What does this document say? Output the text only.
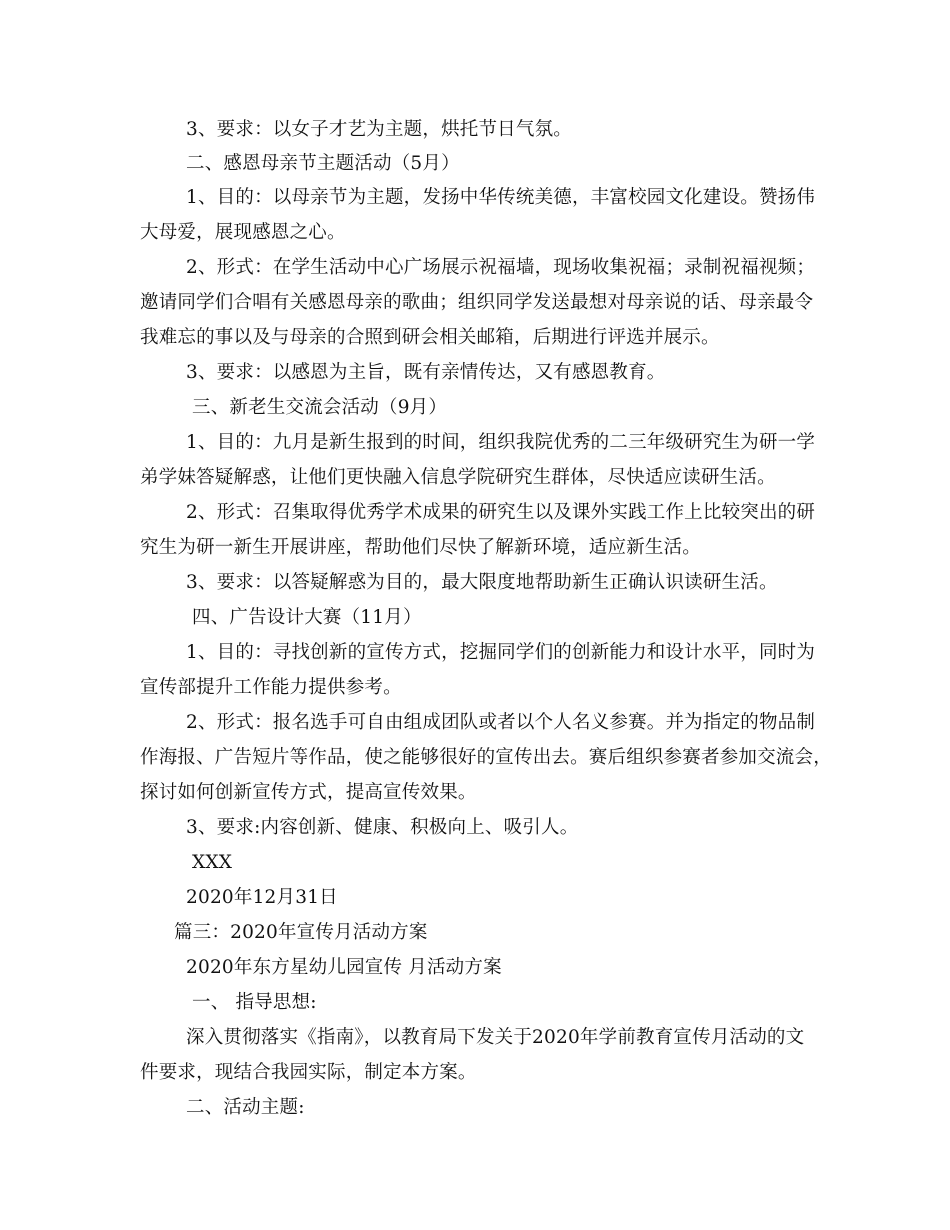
3、要求：以女子才艺为主题，烘托节日气氛。
二、感恩母亲节主题活动（5月）
1、目的：以母亲节为主题，发扬中华传统美德，丰富校园文化建设。赞扬伟
大母爱，展现感恩之心。
2、形式：在学生活动中心广场展示祝福墙，现场收集祝福；录制祝福视频；
邀请同学们合唱有关感恩母亲的歌曲；组织同学发送最想对母亲说的话、母亲最令
我难忘的事以及与母亲的合照到研会相关邮箱，后期进行评选并展示。
3、要求：以感恩为主旨，既有亲情传达，又有感恩教育。
三、新老生交流会活动（9月）
1、目的：九月是新生报到的时间，组织我院优秀的二三年级研究生为研一学
弟学妹答疑解惑，让他们更快融入信息学院研究生群体，尽快适应读研生活。
2、形式：召集取得优秀学术成果的研究生以及课外实践工作上比较突出的研
究生为研一新生开展讲座，帮助他们尽快了解新环境，适应新生活。
3、要求：以答疑解惑为目的，最大限度地帮助新生正确认识读研生活。
四、广告设计大赛（11月）
1、目的：寻找创新的宣传方式，挖掘同学们的创新能力和设计水平，同时为
宣传部提升工作能力提供参考。
2、形式：报名选手可自由组成团队或者以个人名义参赛。并为指定的物品制
作海报、广告短片等作品，使之能够很好的宣传出去。赛后组织参赛者参加交流会，
探讨如何创新宣传方式，提高宣传效果。
3、要求:内容创新、健康、积极向上、吸引人。
XXX
2020年12月31日
篇三：2020年宣传月活动方案
2020年东方星幼儿园宣传 月活动方案
一、 指导思想:
深入贯彻落实《指南》，以教育局下发关于2020年学前教育宣传月活动的文
件要求，现结合我园实际，制定本方案。
二、活动主题:
